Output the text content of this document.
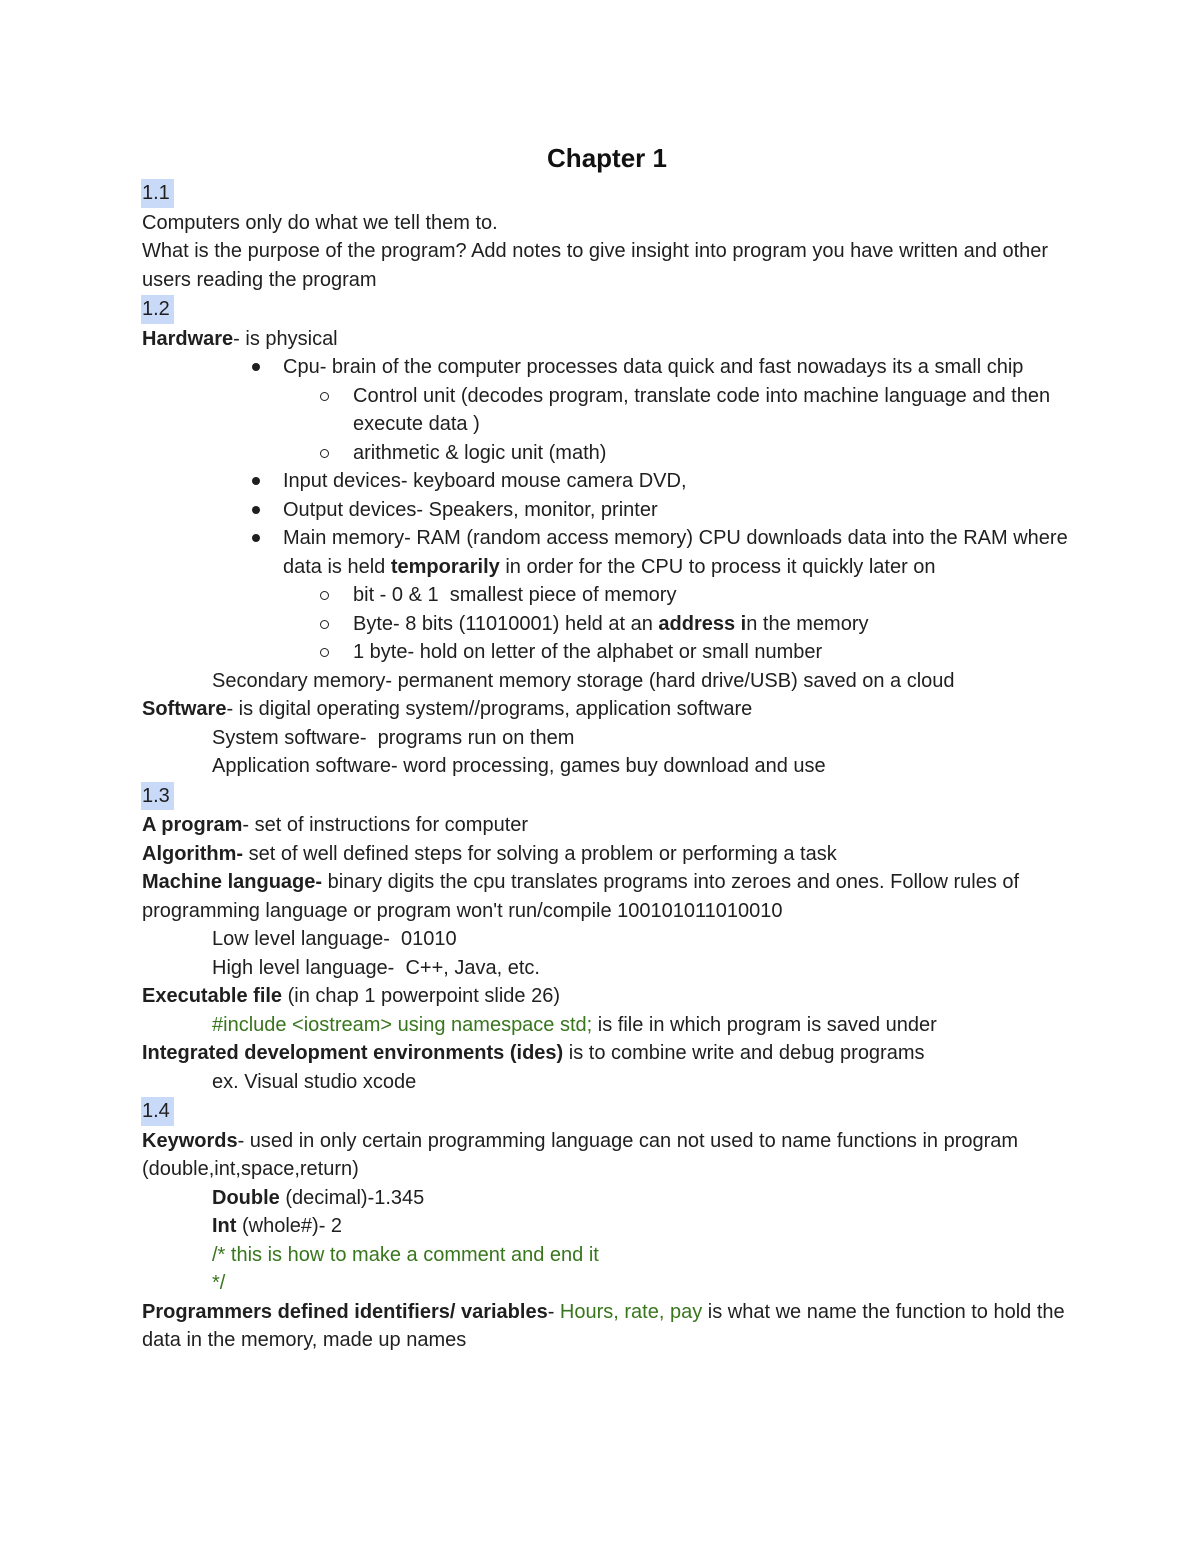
Chapter 1
1.1
Computers only do what we tell them to.
What is the purpose of the program? Add notes to give insight into program you have written and other users reading the program
1.2
Hardware- is physical
Cpu- brain of the computer processes data quick and fast nowadays its a small chip
Control unit (decodes program, translate code into machine language and then execute data )
arithmetic & logic unit (math)
Input devices- keyboard mouse camera DVD,
Output devices- Speakers, monitor, printer
Main memory- RAM (random access memory) CPU downloads data into the RAM where data is held temporarily in order for the CPU to process it quickly later on
bit - 0 & 1  smallest piece of memory
Byte- 8 bits (11010001) held at an address in the memory
1 byte- hold on letter of the alphabet or small number
Secondary memory- permanent memory storage (hard drive/USB) saved on a cloud
Software- is digital operating system//programs, application software
System software-  programs run on them
Application software- word processing, games buy download and use
1.3
A program- set of instructions for computer
Algorithm- set of well defined steps for solving a problem or performing a task
Machine language- binary digits the cpu translates programs into zeroes and ones. Follow rules of programming language or program won't run/compile 100101011010010
Low level language-  01010
High level language-  C++, Java, etc.
Executable file (in chap 1 powerpoint slide 26)
#include <iostream> using namespace std; is file in which program is saved under
Integrated development environments (ides) is to combine write and debug programs
ex. Visual studio xcode
1.4
Keywords- used in only certain programming language can not used to name functions in program (double,int,space,return)
Double (decimal)-1.345
Int (whole#)- 2
/* this is how to make a comment and end it
*/
Programmers defined identifiers/ variables- Hours, rate, pay is what we name the function to hold the data in the memory, made up names
